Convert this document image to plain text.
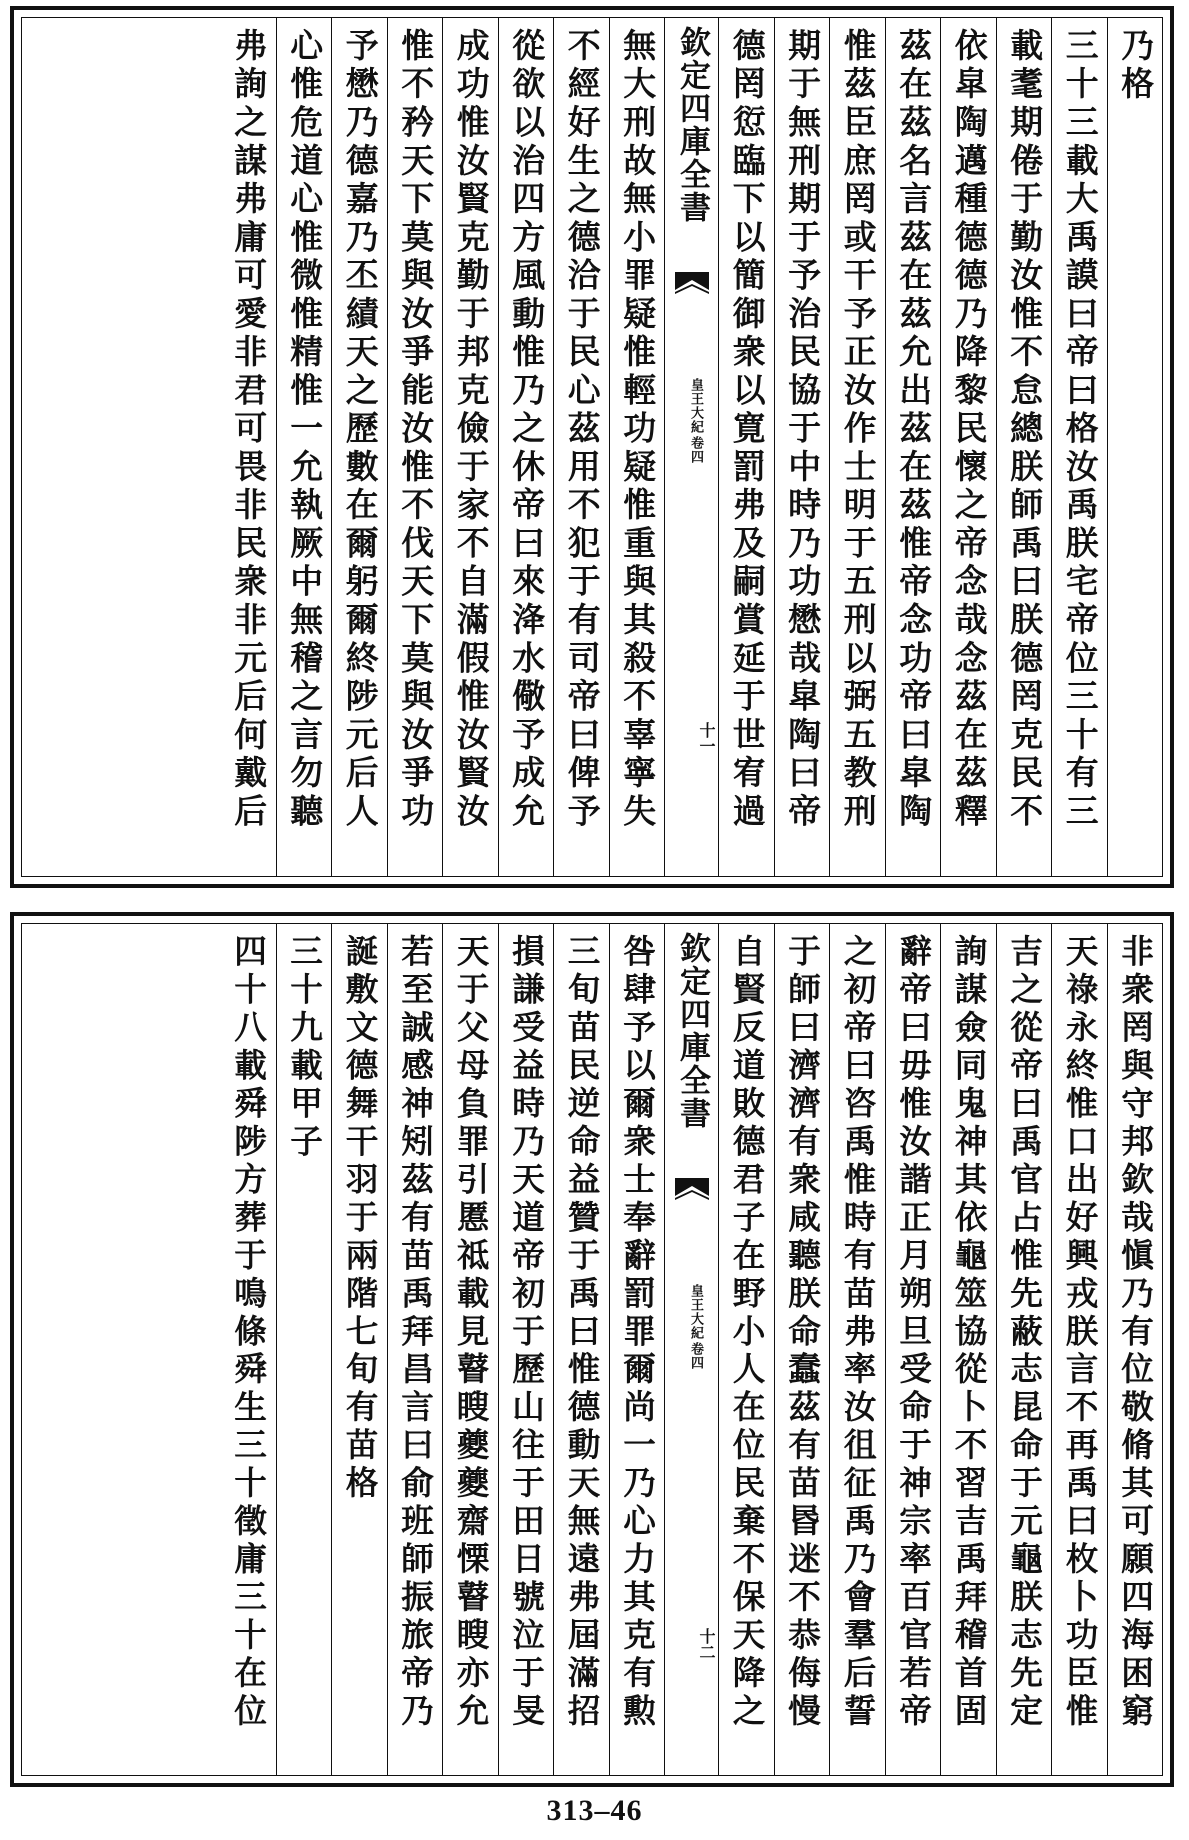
乃格
三十三載大禹謨曰帝曰格汝禹朕宅帝位三十有三
載耄期倦于勤汝惟不怠總朕師禹曰朕德罔克民不
依皐陶邁種德德乃降黎民懷之帝念哉念茲在茲釋
茲在茲名言茲在茲允出茲在茲惟帝念功帝曰皐陶
惟茲臣庶罔或干予正汝作士明于五刑以弼五教刑
期于無刑期于予治民協于中時乃功懋哉皐陶曰帝
德罔愆臨下以簡御衆以寛罰弗及嗣賞延于世宥過
欽定四庫全書
皇王大紀
卷四
十一
無大刑故無小罪疑惟輕功疑惟重與其殺不辜寧失
不經好生之德洽于民心茲用不犯于有司帝曰俾予
從欲以治四方風動惟乃之休帝曰來洚水儆予成允
成功惟汝賢克勤于邦克儉于家不自滿假惟汝賢汝
惟不矜天下莫與汝爭能汝惟不伐天下莫與汝爭功
予懋乃德嘉乃丕績天之歷數在爾躬爾終陟元后人
心惟危道心惟微惟精惟一允執厥中無稽之言勿聽
弗詢之謀弗庸可愛非君可畏非民衆非元后何戴后
非衆罔與守邦欽哉愼乃有位敬脩其可願四海困窮
天祿永終惟口出好興戎朕言不再禹曰枚卜功臣惟
吉之從帝曰禹官占惟先蔽志昆命于元龜朕志先定
詢謀僉同鬼神其依龜筮協從卜不習吉禹拜稽首固
辭帝曰毋惟汝諧正月朔旦受命于神宗率百官若帝
之初帝曰咨禹惟時有苗弗率汝徂征禹乃會羣后誓
于師曰濟濟有衆咸聽朕命蠢茲有苗昬迷不恭侮慢
自賢反道敗德君子在野小人在位民棄不保天降之
欽定四庫全書
皇王大紀
卷四
十二
咎肆予以爾衆士奉辭罰罪爾尚一乃心力其克有勲
三旬苗民逆命益贊于禹曰惟德動天無遠弗屆滿招
損謙受益時乃天道帝初于歷山往于田日號泣于旻
天于父母負罪引慝祗載見瞽瞍夔夔齋慄瞽瞍亦允
若至誠感神矧茲有苗禹拜昌言曰俞班師振旅帝乃
誕敷文德舞干羽于兩階七旬有苗格
三十九載甲子
四十八載舜陟方葬于鳴條舜生三十徵庸三十在位
313–46
